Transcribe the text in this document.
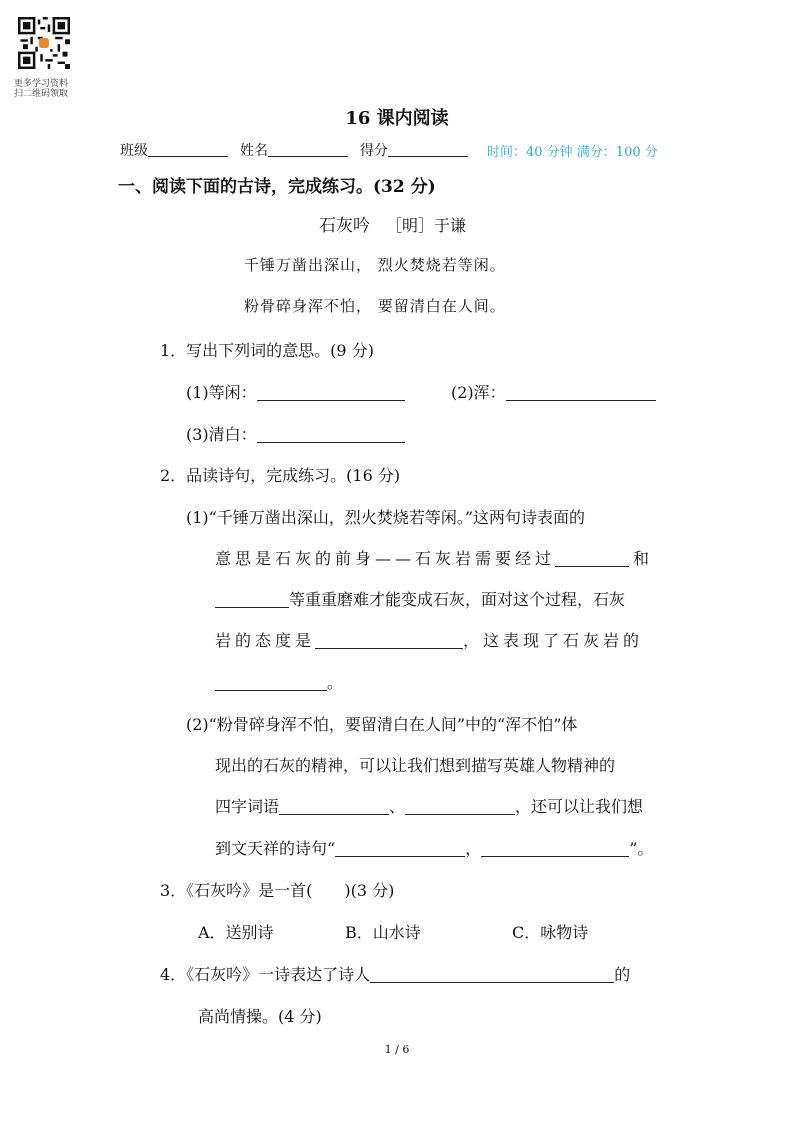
更多学习资料
扫二维码领取
16 课内阅读
班级	姓名	得分	时间：40 分钟 满分：100 分
一、阅读下面的古诗，完成练习。(32 分)
石灰吟 ［明］于谦
千锤万凿出深山， 烈火焚烧若等闲。
粉骨碎身浑不怕， 要留清白在人间。
1．写出下列词的意思。(9 分)
(1)等闲：	(2)浑：
(3)清白：
2．品读诗句，完成练习。(16 分)
(1)“千锤万凿出深山，烈火焚烧若等闲。”这两句诗表面的
意思是石灰的前身——石灰岩需要经过	和
等重重磨难才能变成石灰，面对这个过程，石灰
岩的态度是	，这表现了石灰岩的
。
(2)“粉骨碎身浑不怕，要留清白在人间”中的“浑不怕”体
现出的石灰的精神，可以让我们想到描写英雄人物精神的
四字词语	、	，还可以让我们想
到文天祥的诗句“	，	”。
3．《石灰吟》是一首(　　)(3 分)
A．送别诗	B．山水诗	C．咏物诗
4．《石灰吟》一诗表达了诗人	的
高尚情操。(4 分)
1 / 6
